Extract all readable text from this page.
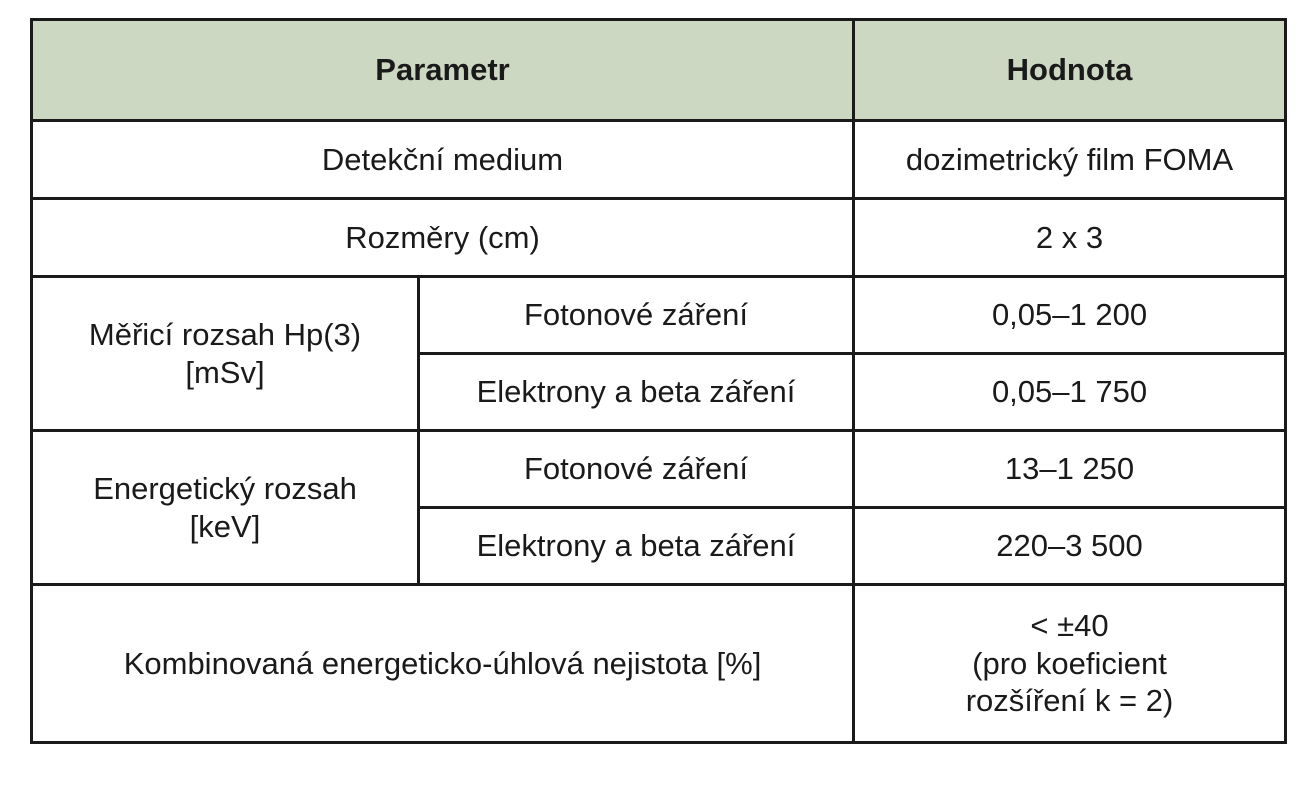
Parametr		Hodnota
Detekční medium		dozimetrický film FOMA
Rozměry (cm)		2 x 3

Měřicí rozsah Hp(3)
[mSv]	Fotonové záření	0,05–1 200
	Elektrony a beta záření	0,05–1 750

Energetický rozsah
[keV]	Fotonové záření	13–1 250
	Elektrony a beta záření	220–3 500
Kombinovaná energeticko-úhlová nejistota [%]		< ±40
(pro koeficient
rozšíření k = 2)
